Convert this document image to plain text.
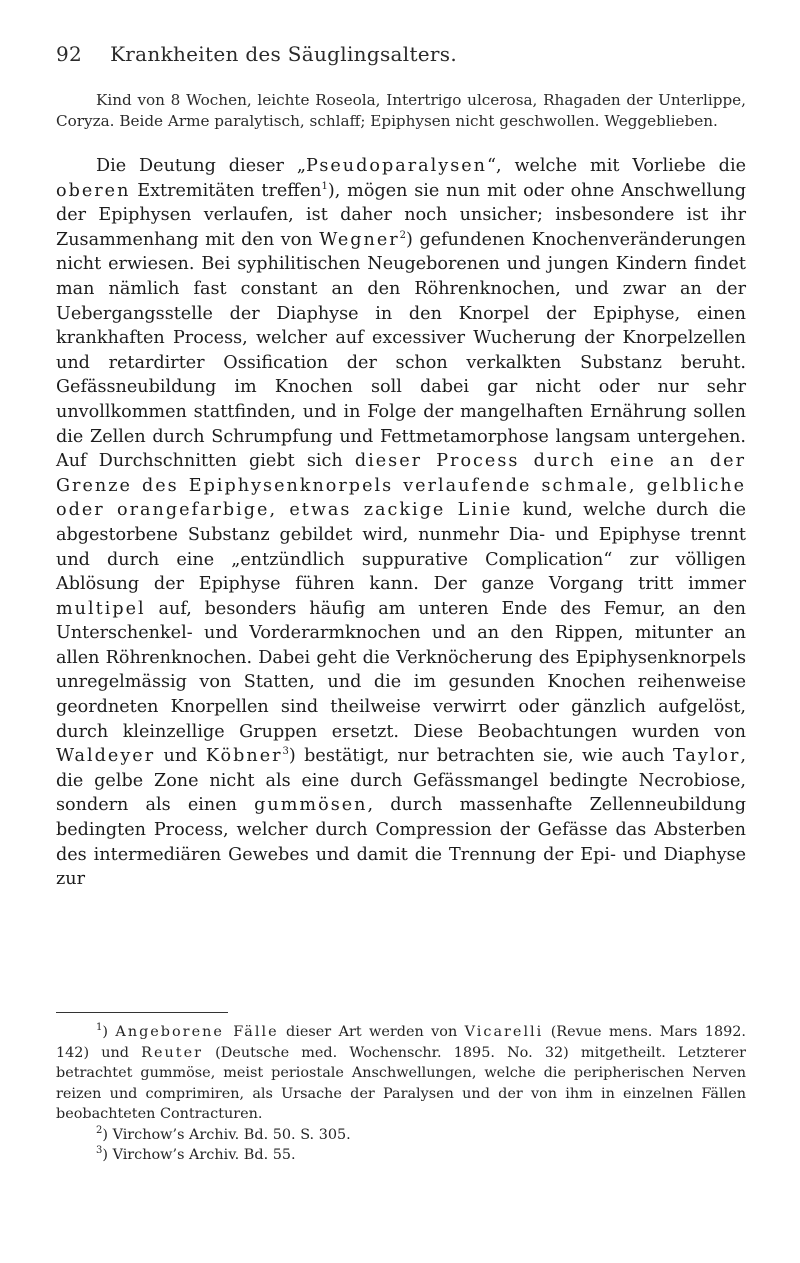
92 Krankheiten des Säuglingsalters.
Kind von 8 Wochen, leichte Roseola, Intertrigo ulcerosa, Rhagaden der Unterlippe, Coryza. Beide Arme paralytisch, schlaff; Epiphysen nicht geschwollen. Weggeblieben.
Die Deutung dieser „Pseudoparalysen“, welche mit Vorliebe die oberen Extremitäten treffen$^1$), mögen sie nun mit oder ohne Anschwellung der Epiphysen verlaufen, ist daher noch unsicher; insbesondere ist ihr Zusammenhang mit den von Wegner$^2$) gefundenen Knochenveränderungen nicht erwiesen. Bei syphilitischen Neugeborenen und jungen Kindern findet man nämlich fast constant an den Röhrenknochen, und zwar an der Uebergangsstelle der Diaphyse in den Knorpel der Epiphyse, einen krankhaften Process, welcher auf excessiver Wucherung der Knorpelzellen und retardirter Ossification der schon verkalkten Substanz beruht. Gefässneubildung im Knochen soll dabei gar nicht oder nur sehr unvollkommen stattfinden, und in Folge der mangelhaften Ernährung sollen die Zellen durch Schrumpfung und Fettmetamorphose langsam untergehen. Auf Durchschnitten giebt sich dieser Process durch eine an der Grenze des Epiphysenknorpels verlaufende schmale, gelbliche oder orangefarbige, etwas zackige Linie kund, welche durch die abgestorbene Substanz gebildet wird, nunmehr Dia- und Epiphyse trennt und durch eine „entzündlich suppurative Complication“ zur völligen Ablösung der Epiphyse führen kann. Der ganze Vorgang tritt immer multipel auf, besonders häufig am unteren Ende des Femur, an den Unterschenkel- und Vorderarmknochen und an den Rippen, mitunter an allen Röhrenknochen. Dabei geht die Verknöcherung des Epiphysenknorpels unregelmässig von Statten, und die im gesunden Knochen reihenweise geordneten Knorpellen sind theilweise verwirrt oder gänzlich aufgelöst, durch kleinzellige Gruppen ersetzt. Diese Beobachtungen wurden von Waldeyer und Köbner$^3$) bestätigt, nur betrachten sie, wie auch Taylor, die gelbe Zone nicht als eine durch Gefässmangel bedingte Necrobiose, sondern als einen gummösen, durch massenhafte Zellenneubildung bedingten Process, welcher durch Compression der Gefässe das Absterben des intermediären Gewebes und damit die Trennung der Epi- und Diaphyse zur

$^1$) Angeborene Fälle dieser Art werden von Vicarelli (Revue mens. Mars 1892. 142) und Reuter (Deutsche med. Wochenschr. 1895. No. 32) mitgetheilt. Letzterer betrachtet gummöse, meist periostale Anschwellungen, welche die peripherischen Nerven reizen und comprimiren, als Ursache der Paralysen und der von ihm in einzelnen Fällen beobachteten Contracturen.

$^2$) Virchow’s Archiv. Bd. 50. S. 305.

$^3$) Virchow’s Archiv. Bd. 55.
